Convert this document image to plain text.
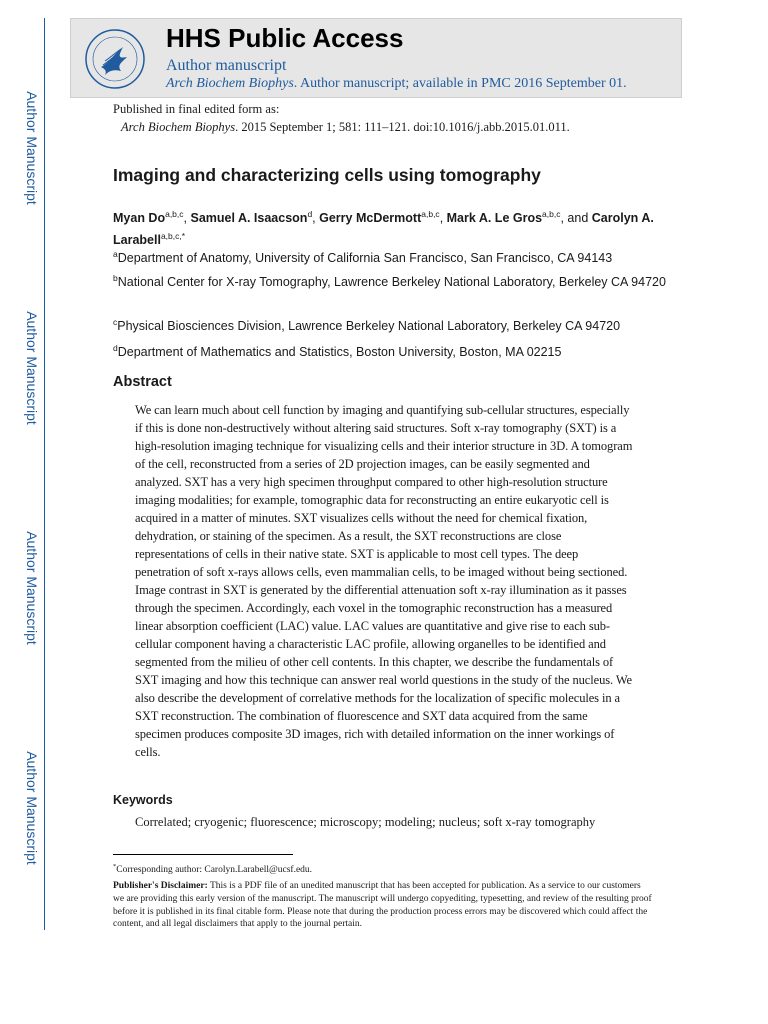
Author Manuscript
Author Manuscript
Author Manuscript
Author Manuscript
HHS Public Access
Author manuscript
Arch Biochem Biophys. Author manuscript; available in PMC 2016 September 01.
Published in final edited form as:
Arch Biochem Biophys. 2015 September 1; 581: 111–121. doi:10.1016/j.abb.2015.01.011.
Imaging and characterizing cells using tomography
Myan Do$^{a,b,c}$, Samuel A. Isaacson$^d$, Gerry McDermott$^{a,b,c}$, Mark A. Le Gros$^{a,b,c}$, and Carolyn A. Larabell$^{a,b,c,*}$
$^a$Department of Anatomy, University of California San Francisco, San Francisco, CA 94143
$^b$National Center for X-ray Tomography, Lawrence Berkeley National Laboratory, Berkeley CA 94720
$^c$Physical Biosciences Division, Lawrence Berkeley National Laboratory, Berkeley CA 94720
$^d$Department of Mathematics and Statistics, Boston University, Boston, MA 02215
Abstract
We can learn much about cell function by imaging and quantifying sub-cellular structures, especially if this is done non-destructively without altering said structures. Soft x-ray tomography (SXT) is a high-resolution imaging technique for visualizing cells and their interior structure in 3D. A tomogram of the cell, reconstructed from a series of 2D projection images, can be easily segmented and analyzed. SXT has a very high specimen throughput compared to other high-resolution structure imaging modalities; for example, tomographic data for reconstructing an entire eukaryotic cell is acquired in a matter of minutes. SXT visualizes cells without the need for chemical fixation, dehydration, or staining of the specimen. As a result, the SXT reconstructions are close representations of cells in their native state. SXT is applicable to most cell types. The deep penetration of soft x-rays allows cells, even mammalian cells, to be imaged without being sectioned. Image contrast in SXT is generated by the differential attenuation soft x-ray illumination as it passes through the specimen. Accordingly, each voxel in the tomographic reconstruction has a measured linear absorption coefficient (LAC) value. LAC values are quantitative and give rise to each sub-cellular component having a characteristic LAC profile, allowing organelles to be identified and segmented from the milieu of other cell contents. In this chapter, we describe the fundamentals of SXT imaging and how this technique can answer real world questions in the study of the nucleus. We also describe the development of correlative methods for the localization of specific molecules in a SXT reconstruction. The combination of fluorescence and SXT data acquired from the same specimen produces composite 3D images, rich with detailed information on the inner workings of cells.
Keywords
Correlated; cryogenic; fluorescence; microscopy; modeling; nucleus; soft x-ray tomography
*Corresponding author: Carolyn.Larabell@ucsf.edu.
Publisher's Disclaimer: This is a PDF file of an unedited manuscript that has been accepted for publication. As a service to our customers we are providing this early version of the manuscript. The manuscript will undergo copyediting, typesetting, and review of the resulting proof before it is published in its final citable form. Please note that during the production process errors may be discovered which could affect the content, and all legal disclaimers that apply to the journal pertain.
